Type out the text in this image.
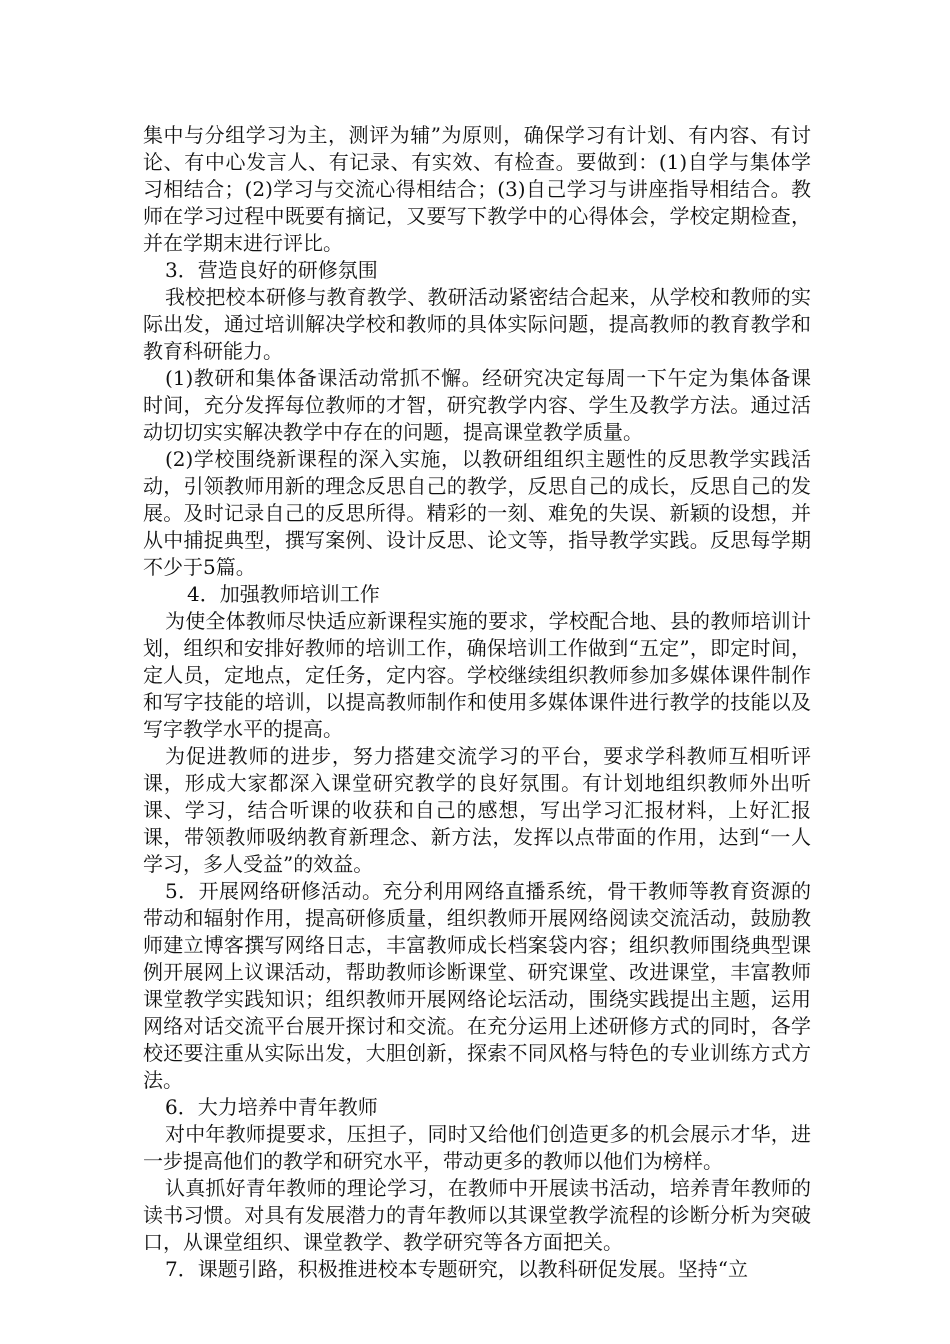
集中与分组学习为主，测评为辅”为原则，确保学习有计划、有内容、有讨论、有中心发言人、有记录、有实效、有检查。要做到：(1)自学与集体学习相结合；(2)学习与交流心得相结合；(3)自己学习与讲座指导相结合。教师在学习过程中既要有摘记，又要写下教学中的心得体会，学校定期检查，并在学期末进行评比。

3．营造良好的研修氛围

我校把校本研修与教育教学、教研活动紧密结合起来，从学校和教师的实际出发，通过培训解决学校和教师的具体实际问题，提高教师的教育教学和教育科研能力。

(1)教研和集体备课活动常抓不懈。经研究决定每周一下午定为集体备课时间，充分发挥每位教师的才智，研究教学内容、学生及教学方法。通过活动切切实实解决教学中存在的问题，提高课堂教学质量。

(2)学校围绕新课程的深入实施，以教研组组织主题性的反思教学实践活动，引领教师用新的理念反思自己的教学，反思自己的成长，反思自己的发展。及时记录自己的反思所得。精彩的一刻、难免的失误、新颖的设想，并从中捕捉典型，撰写案例、设计反思、论文等，指导教学实践。反思每学期不少于5篇。

4．加强教师培训工作

为使全体教师尽快适应新课程实施的要求，学校配合地、县的教师培训计划，组织和安排好教师的培训工作，确保培训工作做到“五定”，即定时间，定人员，定地点，定任务，定内容。学校继续组织教师参加多媒体课件制作和写字技能的培训，以提高教师制作和使用多媒体课件进行教学的技能以及写字教学水平的提高。

为促进教师的进步，努力搭建交流学习的平台，要求学科教师互相听评课，形成大家都深入课堂研究教学的良好氛围。有计划地组织教师外出听课、学习，结合听课的收获和自己的感想，写出学习汇报材料，上好汇报课，带领教师吸纳教育新理念、新方法，发挥以点带面的作用，达到“一人学习，多人受益”的效益。

5．开展网络研修活动。充分利用网络直播系统，骨干教师等教育资源的带动和辐射作用，提高研修质量，组织教师开展网络阅读交流活动，鼓励教师建立博客撰写网络日志，丰富教师成长档案袋内容；组织教师围绕典型课例开展网上议课活动，帮助教师诊断课堂、研究课堂、改进课堂，丰富教师课堂教学实践知识；组织教师开展网络论坛活动，围绕实践提出主题，运用网络对话交流平台展开探讨和交流。在充分运用上述研修方式的同时，各学校还要注重从实际出发，大胆创新，探索不同风格与特色的专业训练方式方法。

6．大力培养中青年教师

对中年教师提要求，压担子，同时又给他们创造更多的机会展示才华，进一步提高他们的教学和研究水平，带动更多的教师以他们为榜样。

认真抓好青年教师的理论学习，在教师中开展读书活动，培养青年教师的读书习惯。对具有发展潜力的青年教师以其课堂教学流程的诊断分析为突破口，从课堂组织、课堂教学、教学研究等各方面把关。

7．课题引路，积极推进校本专题研究，以教科研促发展。坚持“立
